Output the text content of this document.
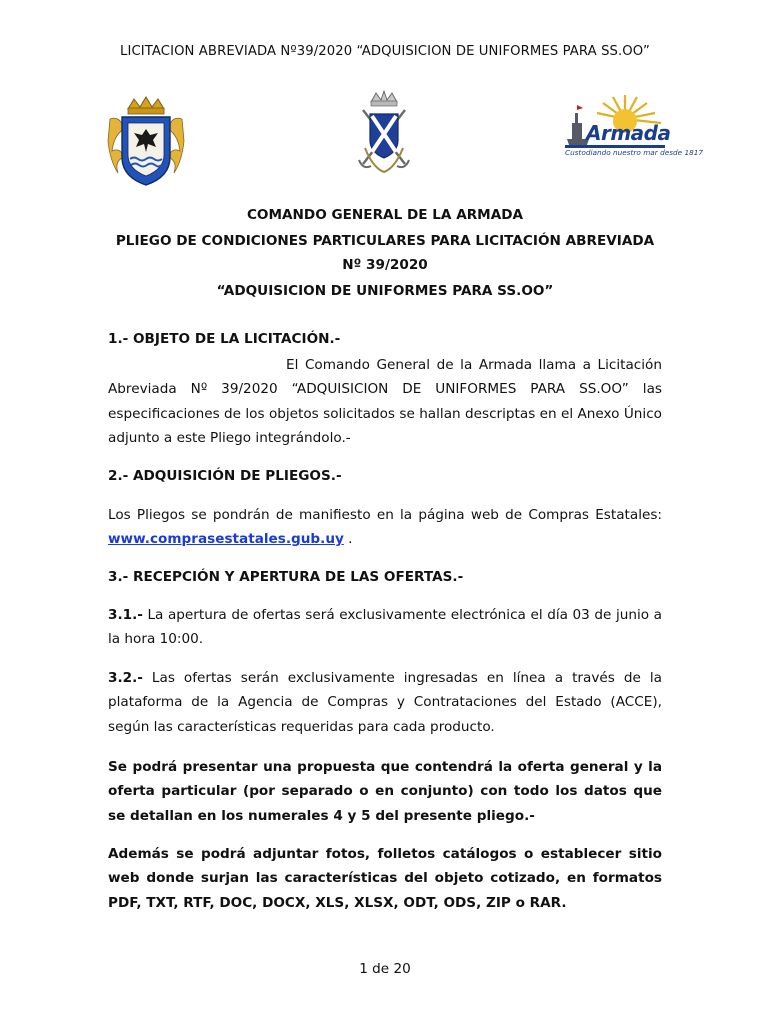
LICITACION ABREVIADA Nº39/2020 “ADQUISICION DE UNIFORMES PARA SS.OO”
Armada
Custodiando nuestro mar desde 1817
COMANDO GENERAL DE LA ARMADA
PLIEGO DE CONDICIONES PARTICULARES PARA LICITACIÓN ABREVIADA
Nº 39/2020
“ADQUISICION DE UNIFORMES PARA SS.OO”
1.- OBJETO DE LA LICITACIÓN.-
El Comando General de la Armada llama a Licitación Abreviada Nº 39/2020 “ADQUISICION DE UNIFORMES PARA SS.OO” las especificaciones de los objetos solicitados se hallan descriptas en el Anexo Único adjunto a este Pliego integrándolo.-
2.- ADQUISICIÓN DE PLIEGOS.-
Los Pliegos se pondrán de manifiesto en la página web de Compras Estatales: www.comprasestatales.gub.uy .
3.- RECEPCIÓN Y APERTURA DE LAS OFERTAS.-
3.1.- La apertura de ofertas será exclusivamente electrónica el día 03 de junio a la hora 10:00.
3.2.- Las ofertas serán exclusivamente ingresadas en línea a través de la plataforma de la Agencia de Compras y Contrataciones del Estado (ACCE), según las características requeridas para cada producto.
Se podrá presentar una propuesta que contendrá la oferta general y la oferta particular (por separado o en conjunto) con todo los datos que se detallan en los numerales 4 y 5 del presente pliego.-
Además se podrá adjuntar fotos, folletos catálogos o establecer sitio web donde surjan las características del objeto cotizado, en formatos PDF, TXT, RTF, DOC, DOCX, XLS, XLSX, ODT, ODS, ZIP o RAR.
1 de 20
